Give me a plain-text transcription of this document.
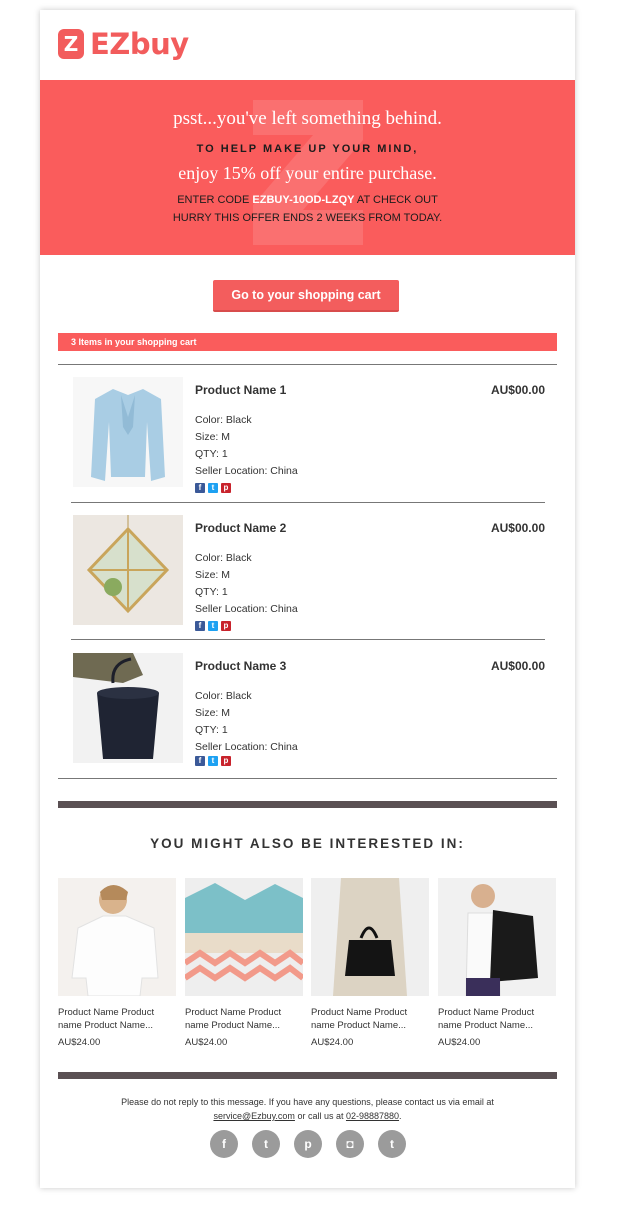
Z EZbuy
psst...you've left something behind.
TO HELP MAKE UP YOUR MIND,
enjoy 15% off your entire purchase.
ENTER CODE EZBUY-10OD-LZQY AT CHECK OUT
HURRY THIS OFFER ENDS 2 WEEKS FROM TODAY.
Go to your shopping cart
3 Items in your shopping cart
Product Name 1	AU$00.00
Color: Black
Size: M
QTY: 1
Seller Location: China
f	t	p
Product Name 2	AU$00.00
Color: Black
Size: M
QTY: 1
Seller Location: China
f	t	p
Product Name 3	AU$00.00
Color: Black
Size: M
QTY: 1
Seller Location: China
f	t	p
YOU MIGHT ALSO BE INTERESTED IN:
Product Name Product name Product Name...
AU$24.00
Product Name Product name Product Name...
AU$24.00
Product Name Product name Product Name...
AU$24.00
Product Name Product name Product Name...
AU$24.00
Please do not reply to this message. If you have any questions, please contact us via email at
service@Ezbuy.com or call us at 02-98887880.
f	t	p	◘	t
